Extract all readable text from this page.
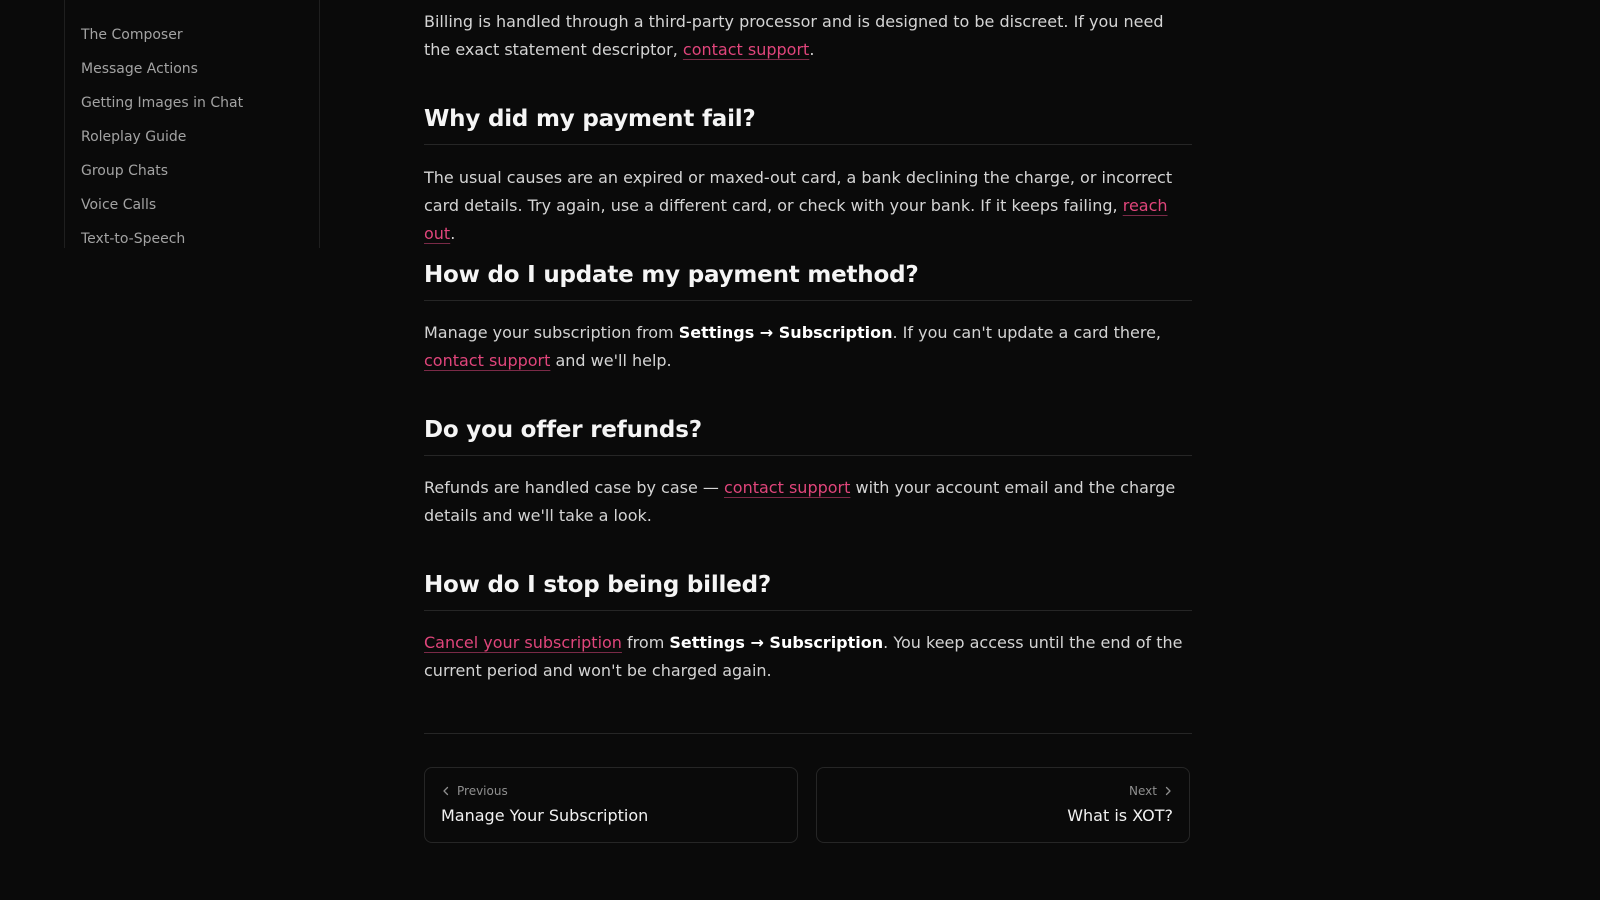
The Composer
Message Actions
Getting Images in Chat
Roleplay Guide
Group Chats
Voice Calls
Text-to-Speech

Billing is handled through a third-party processor and is designed to be discreet. If you need the exact statement descriptor, contact support.

Why did my payment fail?

The usual causes are an expired or maxed-out card, a bank declining the charge, or incorrect card details. Try again, use a different card, or check with your bank. If it keeps failing, reach out.

How do I update my payment method?

Manage your subscription from Settings → Subscription. If you can't update a card there, contact support and we'll help.

Do you offer refunds?

Refunds are handled case by case — contact support with your account email and the charge details and we'll take a look.

How do I stop being billed?

Cancel your subscription from Settings → Subscription. You keep access until the end of the current period and won't be charged again.

Previous
Manage Your Subscription
Next
What is XOT?
